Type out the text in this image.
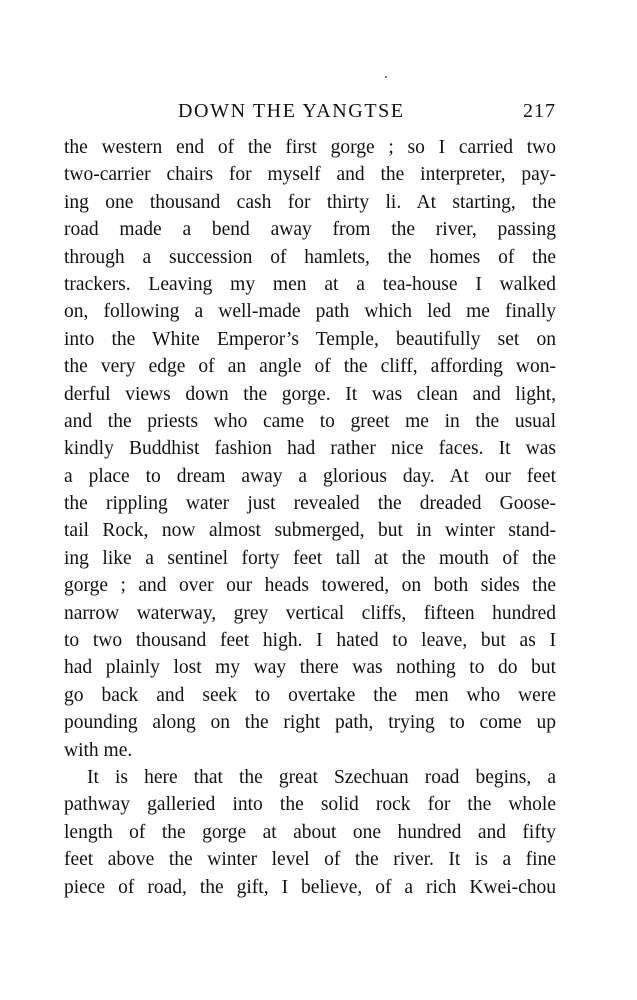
DOWN THE YANGTSE	217
the western end of the first gorge ; so I carried two
two-carrier chairs for myself and the interpreter, pay-
ing one thousand cash for thirty li. At starting, the
road made a bend away from the river, passing
through a succession of hamlets, the homes of the
trackers. Leaving my men at a tea-house I walked
on, following a well-made path which led me finally
into the White Emperor’s Temple, beautifully set on
the very edge of an angle of the cliff, affording won-
derful views down the gorge. It was clean and light,
and the priests who came to greet me in the usual
kindly Buddhist fashion had rather nice faces. It was
a place to dream away a glorious day. At our feet
the rippling water just revealed the dreaded Goose-
tail Rock, now almost submerged, but in winter stand-
ing like a sentinel forty feet tall at the mouth of the
gorge ; and over our heads towered, on both sides the
narrow waterway, grey vertical cliffs, fifteen hundred
to two thousand feet high. I hated to leave, but as I
had plainly lost my way there was nothing to do but
go back and seek to overtake the men who were
pounding along on the right path, trying to come up
with me.
It is here that the great Szechuan road begins, a
pathway galleried into the solid rock for the whole
length of the gorge at about one hundred and fifty
feet above the winter level of the river. It is a fine
piece of road, the gift, I believe, of a rich Kwei-chou
